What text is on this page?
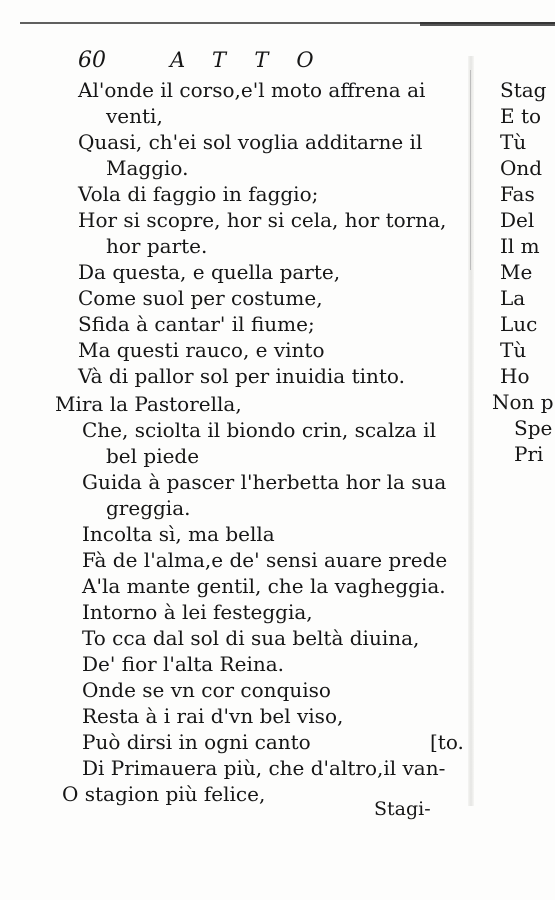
60	ATTO
Al'onde il corso,e'l moto affrena ai
venti,
Quasi, ch'ei sol voglia additarne il
Maggio.
Vola di faggio in faggio;
Hor si scopre, hor si cela, hor torna,
hor parte.
Da questa, e quella parte,
Come suol per costume,
Sfida à cantar' il fiume;
Ma questi rauco, e vinto
Và di pallor sol per inuidia tinto.
Mira la Pastorella,
Che, sciolta il biondo crin, scalza il
bel piede
Guida à pascer l'herbetta hor la sua
greggia.
Incolta sì, ma bella
Fà de l'alma,e de' sensi auare prede
A'la mante gentil, che la vagheggia.
Intorno à lei festeggia,
To cca dal sol di sua beltà diuina,
De' fior l'alta Reina.
Onde se vn cor conquiso
Resta à i rai d'vn bel viso,
Può dirsi in ogni canto	[to.
Di Primauera più, che d'altro,il van-
O stagion più felice,
Stagi-
Stag
E to
Tù
Ond
Fas
Del
Il m
Me
La
Luc
Tù
Ho
Non p
Spe
Pri
